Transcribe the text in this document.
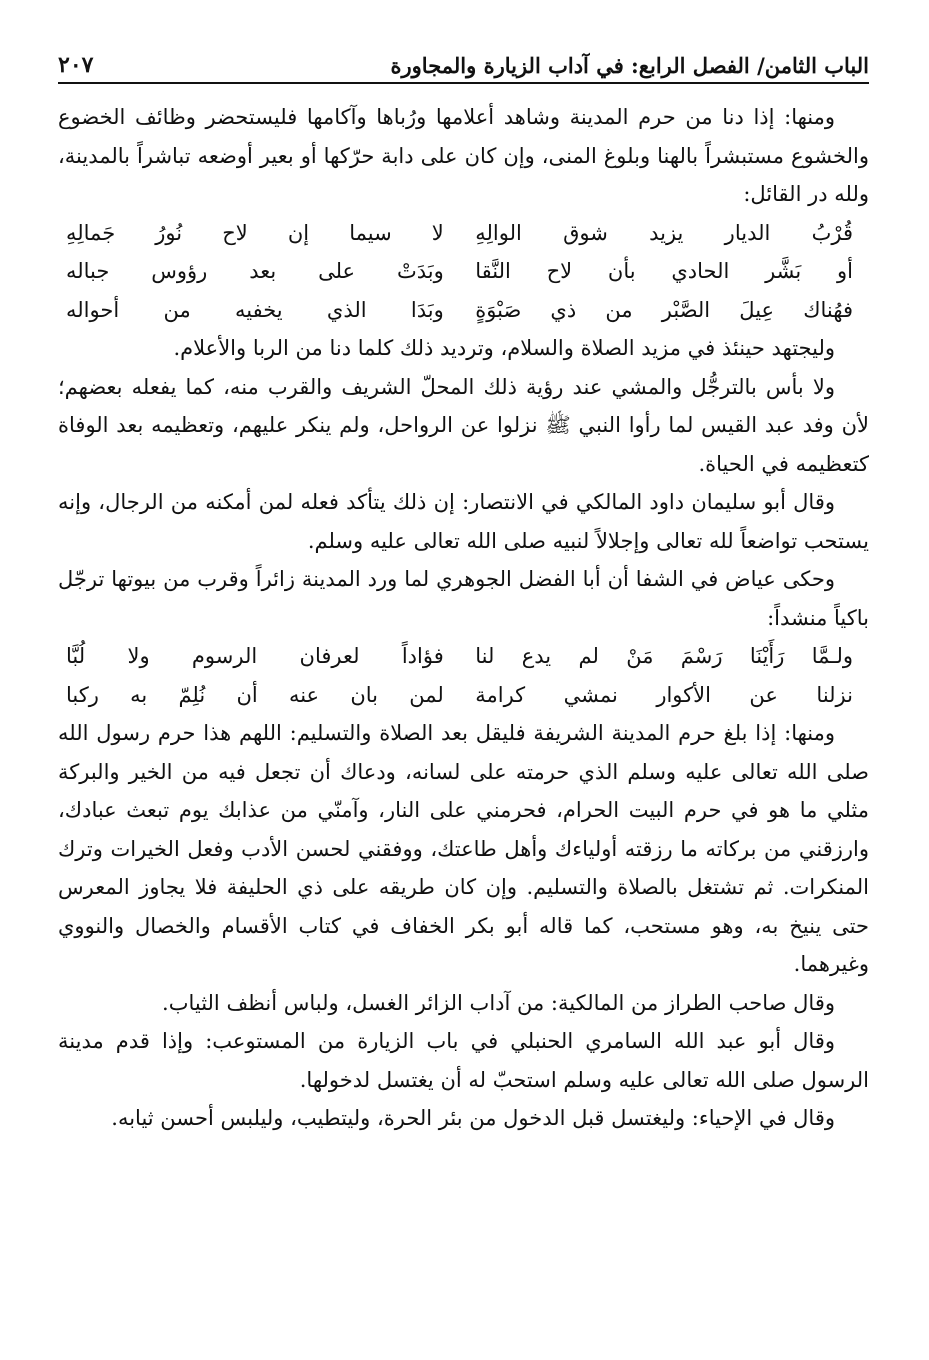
الباب الثامن/ الفصل الرابع: في آداب الزيارة والمجاورة
٢٠٧

ومنها: إذا دنا من حرم المدينة وشاهد أعلامها ورُباها وآكامها فليستحضر وظائف الخضوع والخشوع مستبشراً بالهنا وبلوغ المنى، وإن كان على دابة حرّكها أو بعير أوضعه تباشراً بالمدينة، ولله در القائل:

قُرْبُ الديار يزيد شوق الوالِهِ
لا سيما إن لاح نُورُ جَمالِهِ
أو بَشَّر الحادي بأن لاح النَّقا
وبَدَتْ على بعد رؤوس جباله
فهُناك عِيلَ الصَّبْر من ذي صَبْوَةٍ
وبَدَا الذي يخفيه من أحواله

وليجتهد حينئذ في مزيد الصلاة والسلام، وترديد ذلك كلما دنا من الربا والأعلام.

ولا بأس بالترجُّل والمشي عند رؤية ذلك المحلّ الشريف والقرب منه، كما يفعله بعضهم؛ لأن وفد عبد القيس لما رأوا النبي ﷺ نزلوا عن الرواحل، ولم ينكر عليهم، وتعظيمه بعد الوفاة كتعظيمه في الحياة.

وقال أبو سليمان داود المالكي في الانتصار: إن ذلك يتأكد فعله لمن أمكنه من الرجال، وإنه يستحب تواضعاً لله تعالى وإجلالاً لنبيه صلى الله تعالى عليه وسلم.

وحكى عياض في الشفا أن أبا الفضل الجوهري لما ورد المدينة زائراً وقرب من بيوتها ترجّل باكياً منشداً:

ولـمَّا رَأَيْنَا رَسْمَ مَنْ لم يدع لنا
فؤاداً لعرفان الرسوم ولا لُبَّا
نزلنا عن الأكوار نمشي كرامة
لمن بان عنه أن نُلِمّ به ركبا

ومنها: إذا بلغ حرم المدينة الشريفة فليقل بعد الصلاة والتسليم: اللهم هذا حرم رسول الله صلى الله تعالى عليه وسلم الذي حرمته على لسانه، ودعاك أن تجعل فيه من الخير والبركة مثلي ما هو في حرم البيت الحرام، فحرمني على النار، وآمنّي من عذابك يوم تبعث عبادك، وارزقني من بركاته ما رزقته أولياءك وأهل طاعتك، ووفقني لحسن الأدب وفعل الخيرات وترك المنكرات. ثم تشتغل بالصلاة والتسليم. وإن كان طريقه على ذي الحليفة فلا يجاوز المعرس حتى ينيخ به، وهو مستحب، كما قاله أبو بكر الخفاف في كتاب الأقسام والخصال والنووي وغيرهما.

وقال صاحب الطراز من المالكية: من آداب الزائر الغسل، ولباس أنظف الثياب.

وقال أبو عبد الله السامري الحنبلي في باب الزيارة من المستوعب: وإذا قدم مدينة الرسول صلى الله تعالى عليه وسلم استحبّ له أن يغتسل لدخولها.

وقال في الإحياء: وليغتسل قبل الدخول من بئر الحرة، وليتطيب، وليلبس أحسن ثيابه.
